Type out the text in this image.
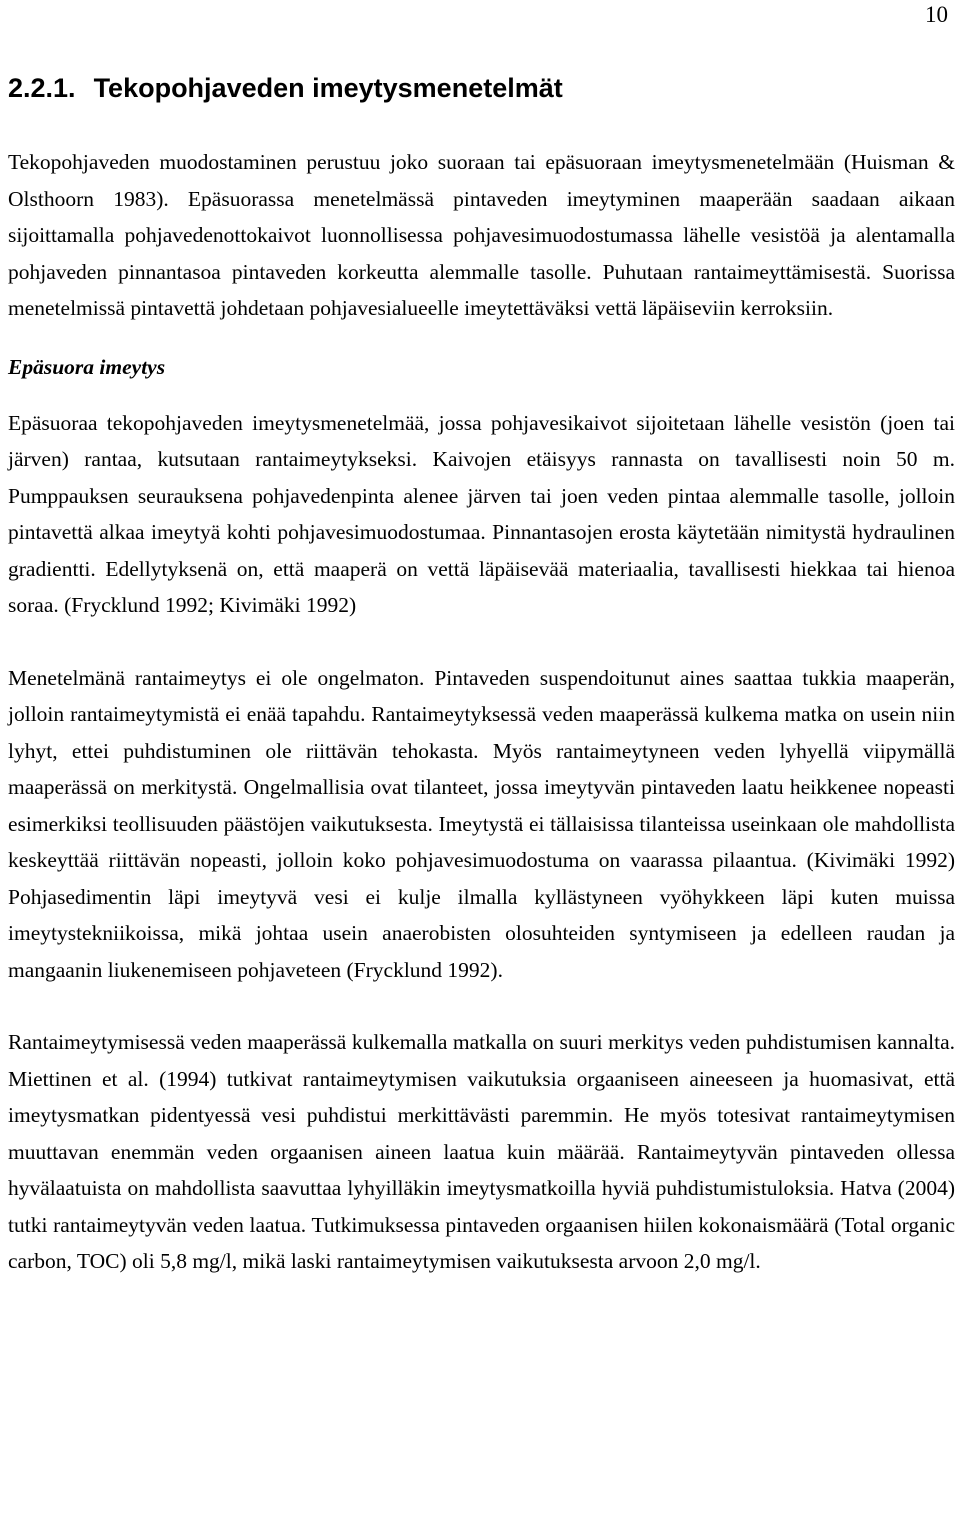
10
2.2.1. Tekopohjaveden imeytysmenetelmät

Tekopohjaveden muodostaminen perustuu joko suoraan tai epäsuoraan imeytysmenetelmään (Huisman & Olsthoorn 1983). Epäsuorassa menetelmässä pintaveden imeytyminen maaperään saadaan aikaan sijoittamalla pohjavedenottokaivot luonnollisessa pohjavesimuodostumassa lähelle vesistöä ja alentamalla pohjaveden pinnantasoa pintaveden korkeutta alemmalle tasolle. Puhutaan rantaimeyttämisestä. Suorissa menetelmissä pintavettä johdetaan pohjavesialueelle imeytettäväksi vettä läpäiseviin kerroksiin.

Epäsuora imeytys

Epäsuoraa tekopohjaveden imeytysmenetelmää, jossa pohjavesikaivot sijoitetaan lähelle vesistön (joen tai järven) rantaa, kutsutaan rantaimeytykseksi. Kaivojen etäisyys rannasta on tavallisesti noin 50 m. Pumppauksen seurauksena pohjavedenpinta alenee järven tai joen veden pintaa alemmalle tasolle, jolloin pintavettä alkaa imeytyä kohti pohjavesimuodostumaa. Pinnantasojen erosta käytetään nimitystä hydraulinen gradientti. Edellytyksenä on, että maaperä on vettä läpäisevää materiaalia, tavallisesti hiekkaa tai hienoa soraa. (Frycklund 1992; Kivimäki 1992)

Menetelmänä rantaimeytys ei ole ongelmaton. Pintaveden suspendoitunut aines saattaa tukkia maaperän, jolloin rantaimeytymistä ei enää tapahdu. Rantaimeytyksessä veden maaperässä kulkema matka on usein niin lyhyt, ettei puhdistuminen ole riittävän tehokasta. Myös rantaimeytyneen veden lyhyellä viipymällä maaperässä on merkitystä. Ongelmallisia ovat tilanteet, jossa imeytyvän pintaveden laatu heikkenee nopeasti esimerkiksi teollisuuden päästöjen vaikutuksesta. Imeytystä ei tällaisissa tilanteissa useinkaan ole mahdollista keskeyttää riittävän nopeasti, jolloin koko pohjavesimuodostuma on vaarassa pilaantua. (Kivimäki 1992) Pohjasedimentin läpi imeytyvä vesi ei kulje ilmalla kyllästyneen vyöhykkeen läpi kuten muissa imeytystekniikoissa, mikä johtaa usein anaerobisten olosuhteiden syntymiseen ja edelleen raudan ja mangaanin liukenemiseen pohjaveteen (Frycklund 1992).

Rantaimeytymisessä veden maaperässä kulkemalla matkalla on suuri merkitys veden puhdistumisen kannalta. Miettinen et al. (1994) tutkivat rantaimeytymisen vaikutuksia orgaaniseen aineeseen ja huomasivat, että imeytysmatkan pidentyessä vesi puhdistui merkittävästi paremmin. He myös totesivat rantaimeytymisen muuttavan enemmän veden orgaanisen aineen laatua kuin määrää. Rantaimeytyvän pintaveden ollessa hyvälaatuista on mahdollista saavuttaa lyhyilläkin imeytysmatkoilla hyviä puhdistumistuloksia. Hatva (2004) tutki rantaimeytyvän veden laatua. Tutkimuksessa pintaveden orgaanisen hiilen kokonaismäärä (Total organic carbon, TOC) oli 5,8 mg/l, mikä laski rantaimeytymisen vaikutuksesta arvoon 2,0 mg/l.
